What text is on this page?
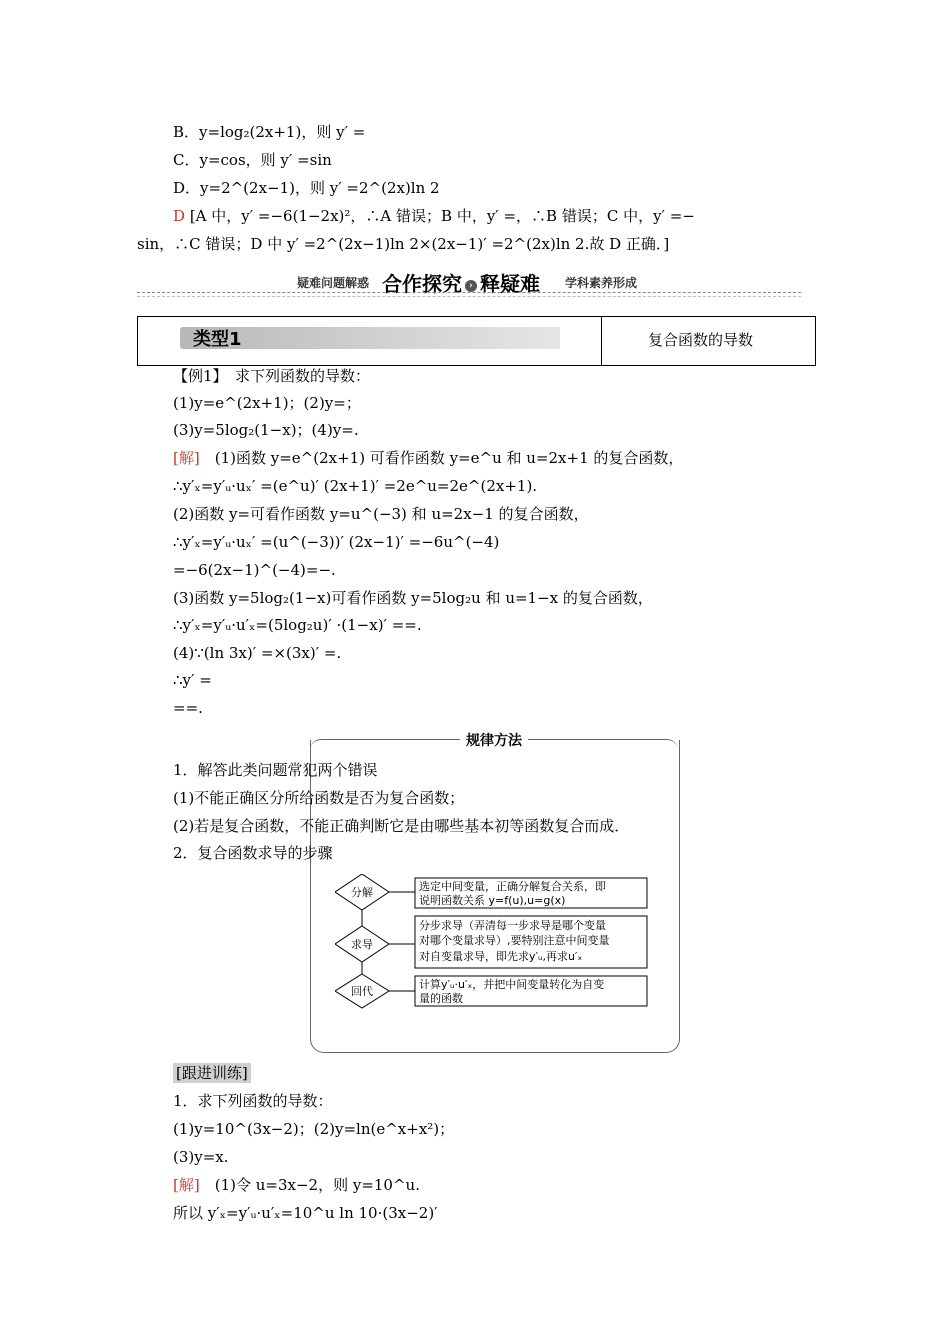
B．y=log₂(2x+1)，则 y′ =
C．y=cos，则 y′ =sin
D．y=2^(2x−1)，则 y′ =2^(2x)ln 2
D [A 中，y′ =−6(1−2x)²，∴A 错误；B 中，y′ =，∴B 错误；C 中，y′ =−
sin，∴C 错误；D 中 y′ =2^(2x−1)ln 2×(2x−1)′ =2^(2x)ln 2.故 D 正确．]
疑难问题解惑 合作探究 › 释疑难 学科素养形成
类型1	复合函数的导数
【例1】　求下列函数的导数：
(1)y=e^(2x+1)；(2)y=；
(3)y=5log₂(1−x)；(4)y=.
[解]　(1)函数 y=e^(2x+1) 可看作函数 y=e^u 和 u=2x+1 的复合函数，
∴y′ₓ=y′ᵤ·uₓ′ =(e^u)′ (2x+1)′ =2e^u=2e^(2x+1).
(2)函数 y=可看作函数 y=u^(−3) 和 u=2x−1 的复合函数，
∴y′ₓ=y′ᵤ·uₓ′ =(u^(−3))′ (2x−1)′ =−6u^(−4)
=−6(2x−1)^(−4)=−.
(3)函数 y=5log₂(1−x)可看作函数 y=5log₂u 和 u=1−x 的复合函数，
∴y′ₓ=y′ᵤ·u′ₓ=(5log₂u)′ ·(1−x)′ ==.
(4)∵(ln 3x)′ =×(3x)′ =.
∴y′ =
==.
规律方法
1．解答此类问题常犯两个错误
(1)不能正确区分所给函数是否为复合函数；
(2)若是复合函数，不能正确判断它是由哪些基本初等函数复合而成．
2．复合函数求导的步骤
分解
求导
回代
选定中间变量，正确分解复合关系，即
说明函数关系 y=f(u),u=g(x)
分步求导（弄清每一步求导是哪个变量
对哪个变量求导）,要特别注意中间变量
对自变量求导，即先求y′ᵤ,再求u′ₓ
计算y′ᵤ·u′ₓ，并把中间变量转化为自变
量的函数
[跟进训练]
1．求下列函数的导数：
(1)y=10^(3x−2)；(2)y=ln(e^x+x²)；
(3)y=x.
[解]　(1)令 u=3x−2，则 y=10^u.
所以 y′ₓ=y′ᵤ·u′ₓ=10^u ln 10·(3x−2)′
